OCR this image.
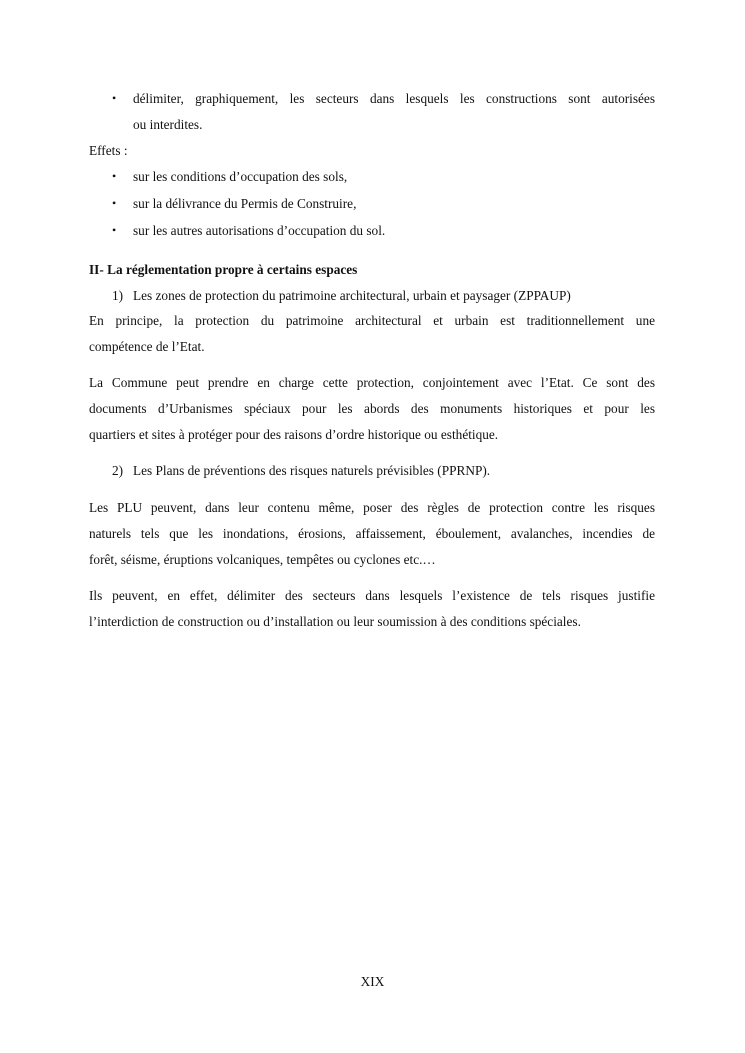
• délimiter, graphiquement, les secteurs dans lesquels les constructions sont autorisées
ou interdites.
Effets :
• sur les conditions d’occupation des sols,
• sur la délivrance du Permis de Construire,
• sur les autres autorisations d’occupation du sol.
II- La réglementation propre à certains espaces
1) Les zones de protection du patrimoine architectural, urbain et paysager (ZPPAUP)
En principe, la protection du patrimoine architectural et urbain est traditionnellement une
compétence de l’Etat.
La Commune peut prendre en charge cette protection, conjointement avec l’Etat. Ce sont des
documents d’Urbanismes spéciaux pour les abords des monuments historiques et pour les
quartiers et sites à protéger pour des raisons d’ordre historique ou esthétique.
2) Les Plans de préventions des risques naturels prévisibles (PPRNP).
Les PLU peuvent, dans leur contenu même, poser des règles de protection contre les risques
naturels tels que les inondations, érosions, affaissement, éboulement, avalanches, incendies de
forêt, séisme, éruptions volcaniques, tempêtes ou cyclones etc.…
Ils peuvent, en effet, délimiter des secteurs dans lesquels l’existence de tels risques justifie
l’interdiction de construction ou d’installation ou leur soumission à des conditions spéciales.
XIX
